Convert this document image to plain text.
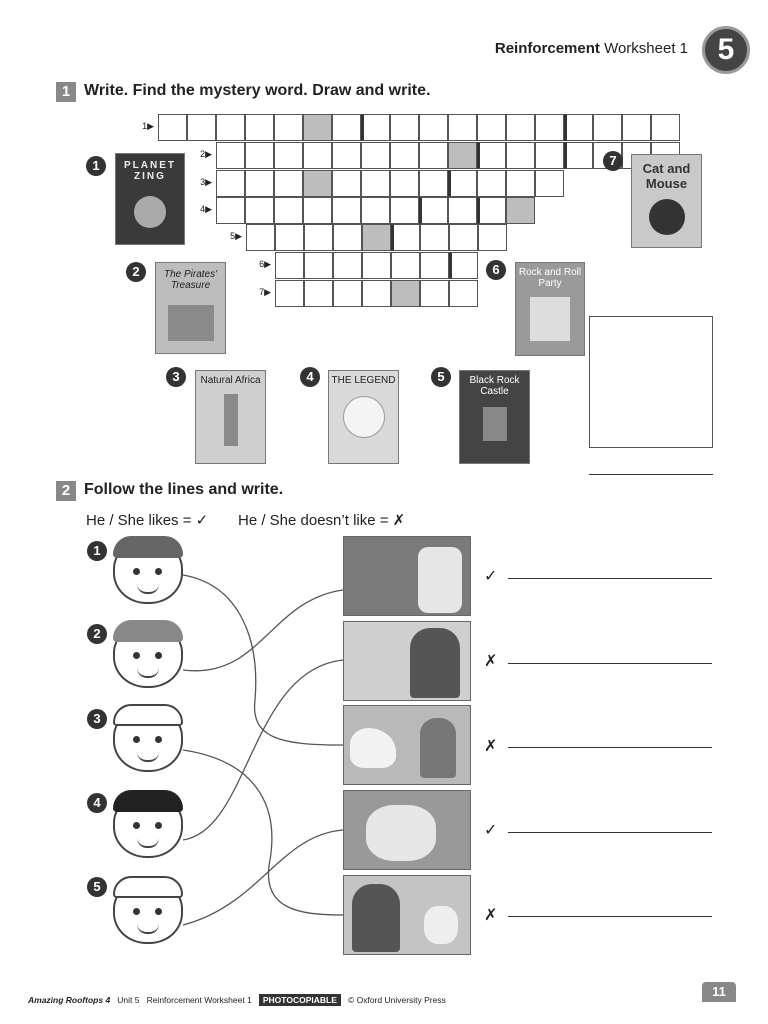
Reinforcement Worksheet 1 5
1 Write. Find the mystery word. Draw and write.
1▶
2▶
3▶
4▶
5▶
6▶
7▶
1	PLANET ZING
2	The Pirates' Treasure
3	Natural Africa	4	THE LEGEND	5	Black Rock Castle
6	Rock and Roll Party
7
Cat and Mouse
2 Follow the lines and write.
He / She likes = ✓ He / She doesn’t like = ✗
1
2
3
4
5
✓
✗
✗
✓
✗
Amazing Rooftops 4 Unit 5 Reinforcement Worksheet 1 PHOTOCOPIABLE © Oxford University Press
11
